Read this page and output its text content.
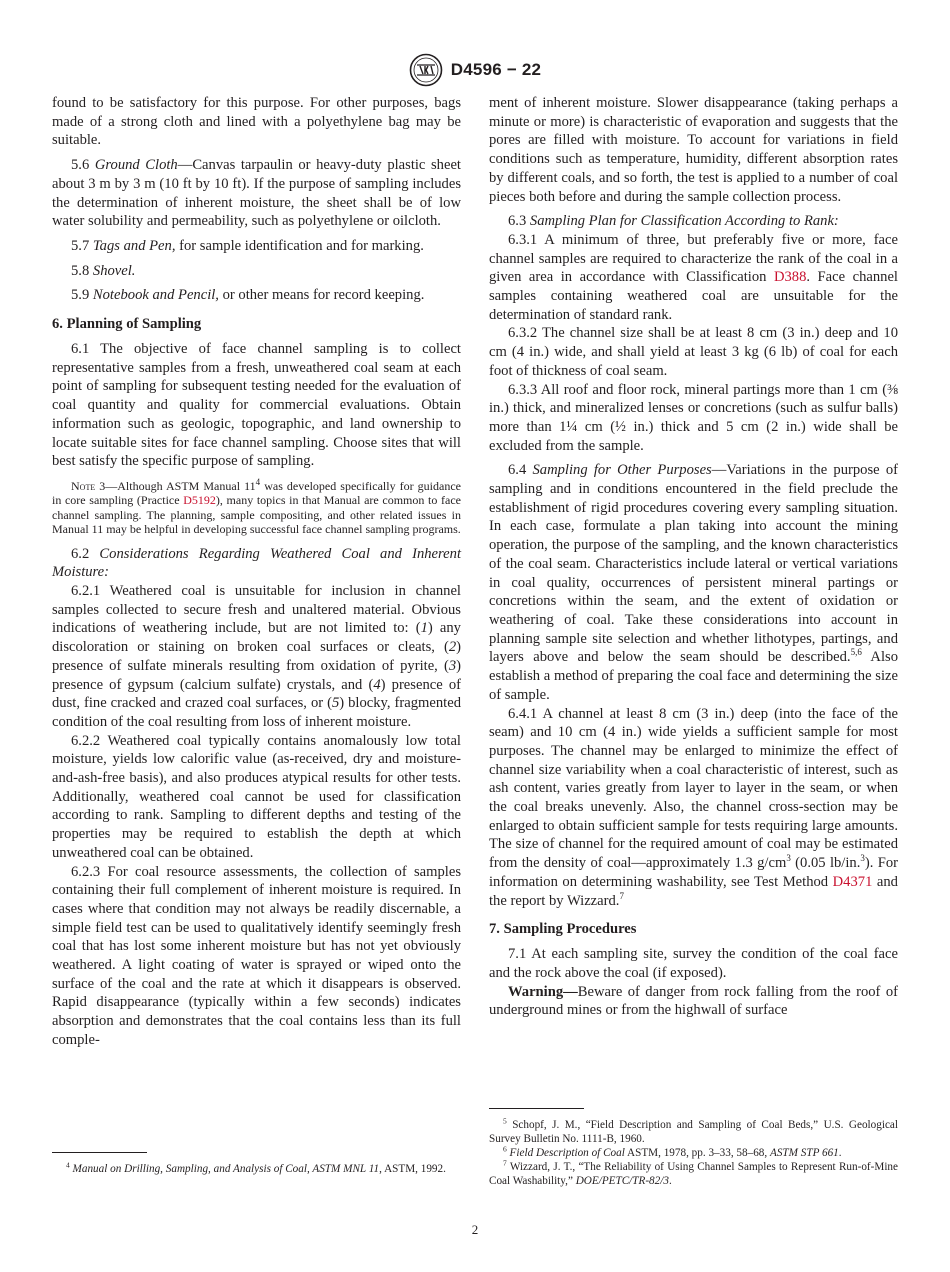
D4596 − 22

found to be satisfactory for this purpose. For other purposes, bags made of a strong cloth and lined with a polyethylene bag may be suitable.

5.6 Ground Cloth—Canvas tarpaulin or heavy-duty plastic sheet about 3 m by 3 m (10 ft by 10 ft). If the purpose of sampling includes the determination of inherent moisture, the sheet shall be of low water solubility and permeability, such as polyethylene or oilcloth.

5.7 Tags and Pen, for sample identification and for marking.

5.8 Shovel.

5.9 Notebook and Pencil, or other means for record keeping.

6. Planning of Sampling

6.1 The objective of face channel sampling is to collect representative samples from a fresh, unweathered coal seam at each point of sampling for subsequent testing needed for the evaluation of coal quantity and quality for commercial evaluations. Obtain information such as geologic, topographic, and land ownership to locate suitable sites for face channel sampling. Choose sites that will best satisfy the specific purpose of sampling.

Note 3—Although ASTM Manual $11^4$ was developed specifically for guidance in core sampling (Practice D5192), many topics in that Manual are common to face channel sampling. The planning, sample compositing, and other related issues in Manual 11 may be helpful in developing successful face channel sampling programs.

6.2 Considerations Regarding Weathered Coal and Inherent Moisture:

6.2.1 Weathered coal is unsuitable for inclusion in channel samples collected to secure fresh and unaltered material. Obvious indications of weathering include, but are not limited to: (1) any discoloration or staining on broken coal surfaces or cleats, (2) presence of sulfate minerals resulting from oxidation of pyrite, (3) presence of gypsum (calcium sulfate) crystals, and (4) presence of dust, fine cracked and crazed coal surfaces, or (5) blocky, fragmented condition of the coal resulting from loss of inherent moisture.

6.2.2 Weathered coal typically contains anomalously low total moisture, yields low calorific value (as-received, dry and moisture-and-ash-free basis), and also produces atypical results for other tests. Additionally, weathered coal cannot be used for classification according to rank. Sampling to different depths and testing of the properties may be required to establish the depth at which unweathered coal can be obtained.

6.2.3 For coal resource assessments, the collection of samples containing their full complement of inherent moisture is required. In cases where that condition may not always be readily discernable, a simple field test can be used to qualitatively identify seemingly fresh coal that has lost some inherent moisture but has not yet obviously weathered. A light coating of water is sprayed or wiped onto the surface of the coal and the rate at which it disappears is observed. Rapid disappearance (typically within a few seconds) indicates absorption and demonstrates that the coal contains less than its full comple-

ment of inherent moisture. Slower disappearance (taking perhaps a minute or more) is characteristic of evaporation and suggests that the pores are filled with moisture. To account for variations in field conditions such as temperature, humidity, different absorption rates by different coals, and so forth, the test is applied to a number of coal pieces both before and during the sample collection process.

6.3 Sampling Plan for Classification According to Rank:

6.3.1 A minimum of three, but preferably five or more, face channel samples are required to characterize the rank of the coal in a given area in accordance with Classification D388. Face channel samples containing weathered coal are unsuitable for the determination of standard rank.

6.3.2 The channel size shall be at least 8 cm (3 in.) deep and 10 cm (4 in.) wide, and shall yield at least 3 kg (6 lb) of coal for each foot of thickness of coal seam.

6.3.3 All roof and floor rock, mineral partings more than 1 cm (⅜ in.) thick, and mineralized lenses or concretions (such as sulfur balls) more than 1¼ cm (½ in.) thick and 5 cm (2 in.) wide shall be excluded from the sample.

6.4 Sampling for Other Purposes—Variations in the purpose of sampling and in conditions encountered in the field preclude the establishment of rigid procedures covering every sampling situation. In each case, formulate a plan taking into account the mining operation, the purpose of the sampling, and the known characteristics of the coal seam. Characteristics include lateral or vertical variations in coal quality, occurrences of persistent mineral partings or concretions within the seam, and the extent of oxidation or weathering of coal. Take these considerations into account in planning sample site selection and whether lithotypes, partings, and layers above and below the seam should be described.$^{5,6}$ Also establish a method of preparing the coal face and determining the size of sample.

6.4.1 A channel at least 8 cm (3 in.) deep (into the face of the seam) and 10 cm (4 in.) wide yields a sufficient sample for most purposes. The channel may be enlarged to minimize the effect of channel size variability when a coal characteristic of interest, such as ash content, varies greatly from layer to layer in the seam, or when the coal breaks unevenly. Also, the channel cross-section may be enlarged to obtain sufficient sample for tests requiring large amounts. The size of channel for the required amount of coal may be estimated from the density of coal—approximately 1.3 $g/cm^3$ (0.05 lb/in.$^3$). For information on determining washability, see Test Method D4371 and the report by Wizzard.$^7$

7. Sampling Procedures

7.1 At each sampling site, survey the condition of the coal face and the rock above the coal (if exposed).

Warning—Beware of danger from rock falling from the roof of underground mines or from the highwall of surface

$^4$ Manual on Drilling, Sampling, and Analysis of Coal, ASTM MNL 11, ASTM, 1992.

$^5$ Schopf, J. M., “Field Description and Sampling of Coal Beds,” U.S. Geological Survey Bulletin No. 1111-B, 1960.

$^6$ Field Description of Coal ASTM, 1978, pp. 3–33, 58–68, ASTM STP 661.

$^7$ Wizzard, J. T., “The Reliability of Using Channel Samples to Represent Run-of-Mine Coal Washability,” DOE/PETC/TR-82/3.

2
